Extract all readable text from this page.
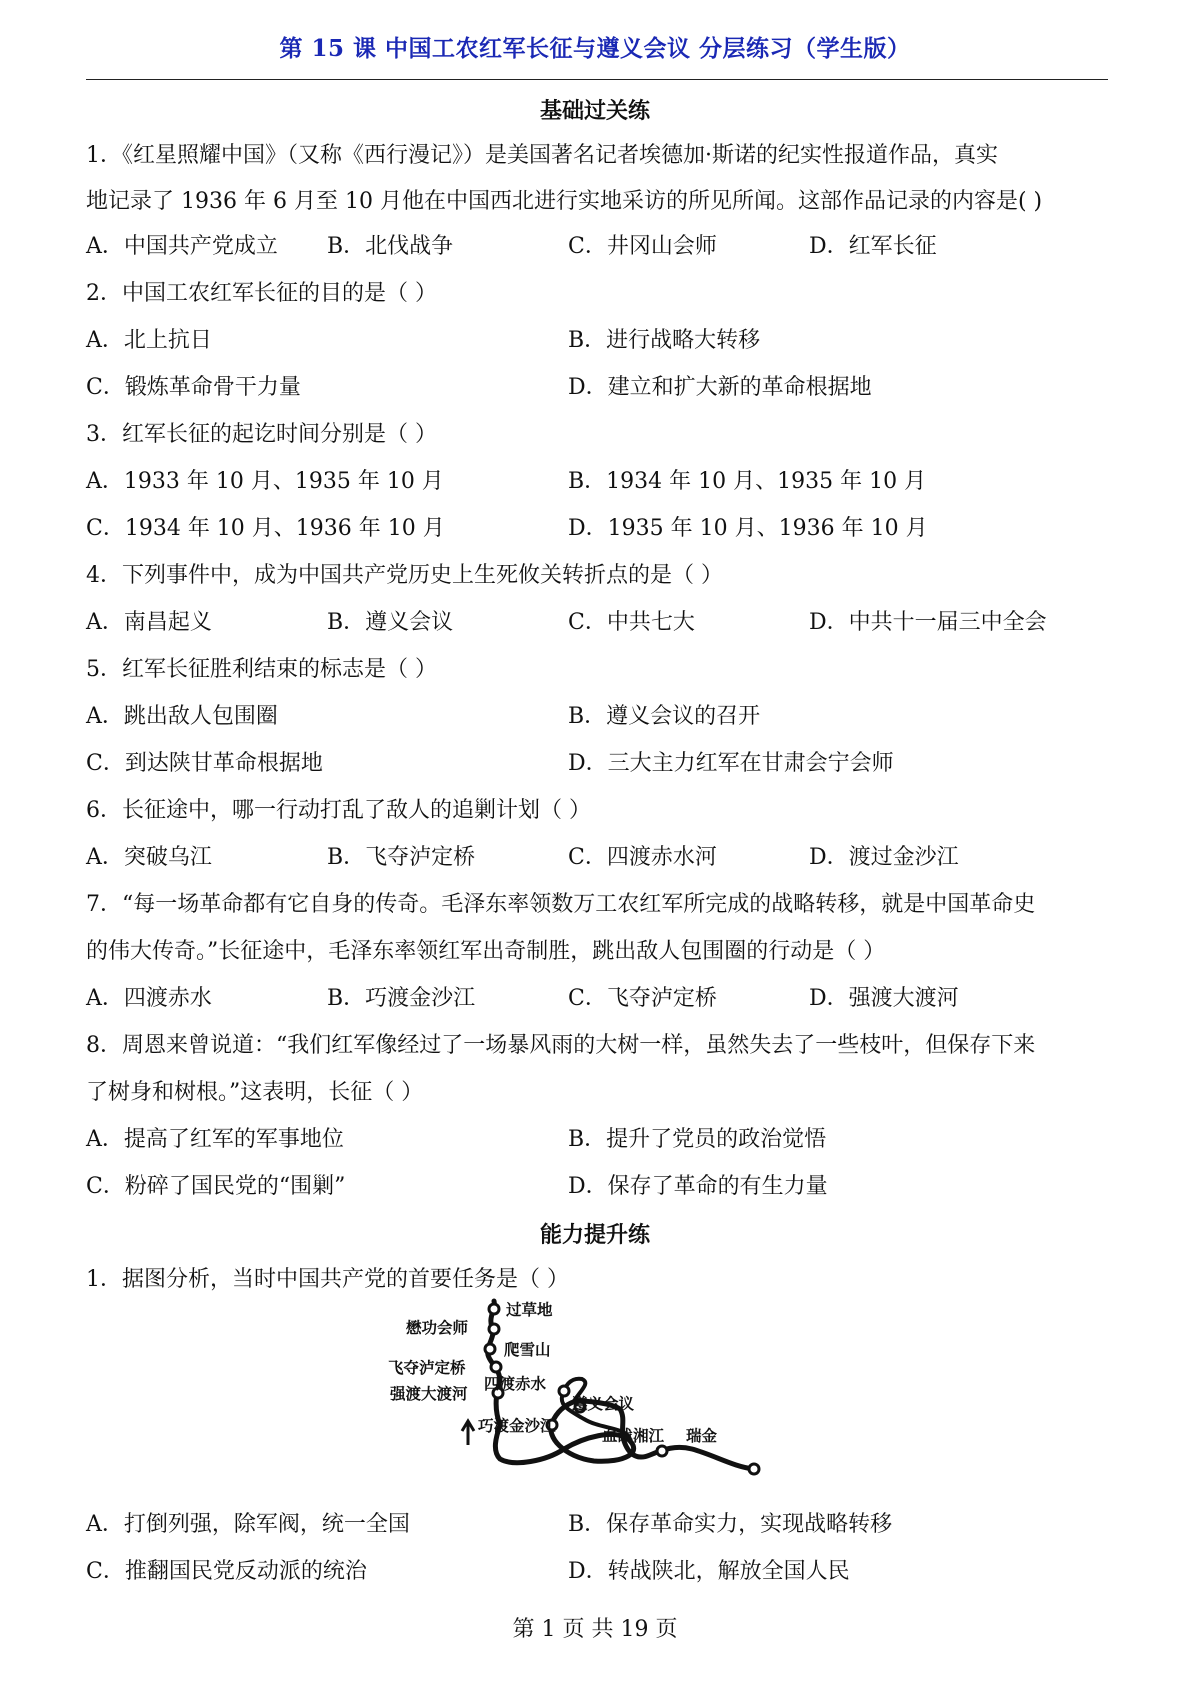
第 15 课 中国工农红军长征与遵义会议 分层练习（学生版）
基础过关练
1．《红星照耀中国》（又称《西行漫记》）是美国著名记者埃德加·斯诺的纪实性报道作品，真实
地记录了 1936 年 6 月至 10 月他在中国西北进行实地采访的所见所闻。这部作品记录的内容是( )
A．中国共产党成立 B．北伐战争	C．井冈山会师	D．红军长征
2．中国工农红军长征的目的是（ ）
A．北上抗日	B．进行战略大转移
C．锻炼革命骨干力量	D．建立和扩大新的革命根据地
3．红军长征的起讫时间分别是（ ）
A．1933 年 10 月、1935 年 10 月	B．1934 年 10 月、1935 年 10 月
C．1934 年 10 月、1936 年 10 月	D．1935 年 10 月、1936 年 10 月
4．下列事件中，成为中国共产党历史上生死攸关转折点的是（ ）
A．南昌起义	B．遵义会议	C．中共七大	D．中共十一届三中全会
5．红军长征胜利结束的标志是（ ）
A．跳出敌人包围圈	B．遵义会议的召开
C．到达陕甘革命根据地	D．三大主力红军在甘肃会宁会师
6．长征途中，哪一行动打乱了敌人的追剿计划（ ）
A．突破乌江	B．飞夺泸定桥	C．四渡赤水河	D．渡过金沙江
7．“每一场革命都有它自身的传奇。毛泽东率领数万工农红军所完成的战略转移，就是中国革命史
的伟大传奇。”长征途中，毛泽东率领红军出奇制胜，跳出敌人包围圈的行动是（ ）
A．四渡赤水	B．巧渡金沙江	C．飞夺泸定桥	D．强渡大渡河
8．周恩来曾说道：“我们红军像经过了一场暴风雨的大树一样，虽然失去了一些枝叶，但保存下来
了树身和树根。”这表明，长征（ ）
A．提高了红军的军事地位	B．提升了党员的政治觉悟
C．粉碎了国民党的“围剿”	D．保存了革命的有生力量
能力提升练
1．据图分析，当时中国共产党的首要任务是（ ）
过草地
懋功会师
爬雪山
飞夺泸定桥
四渡赤水
强渡大渡河
遵义会议
巧渡金沙江
血战湘江 瑞金
A．打倒列强，除军阀，统一全国	B．保存革命实力，实现战略转移
C．推翻国民党反动派的统治	D．转战陕北，解放全国人民
第 1 页 共 19 页
